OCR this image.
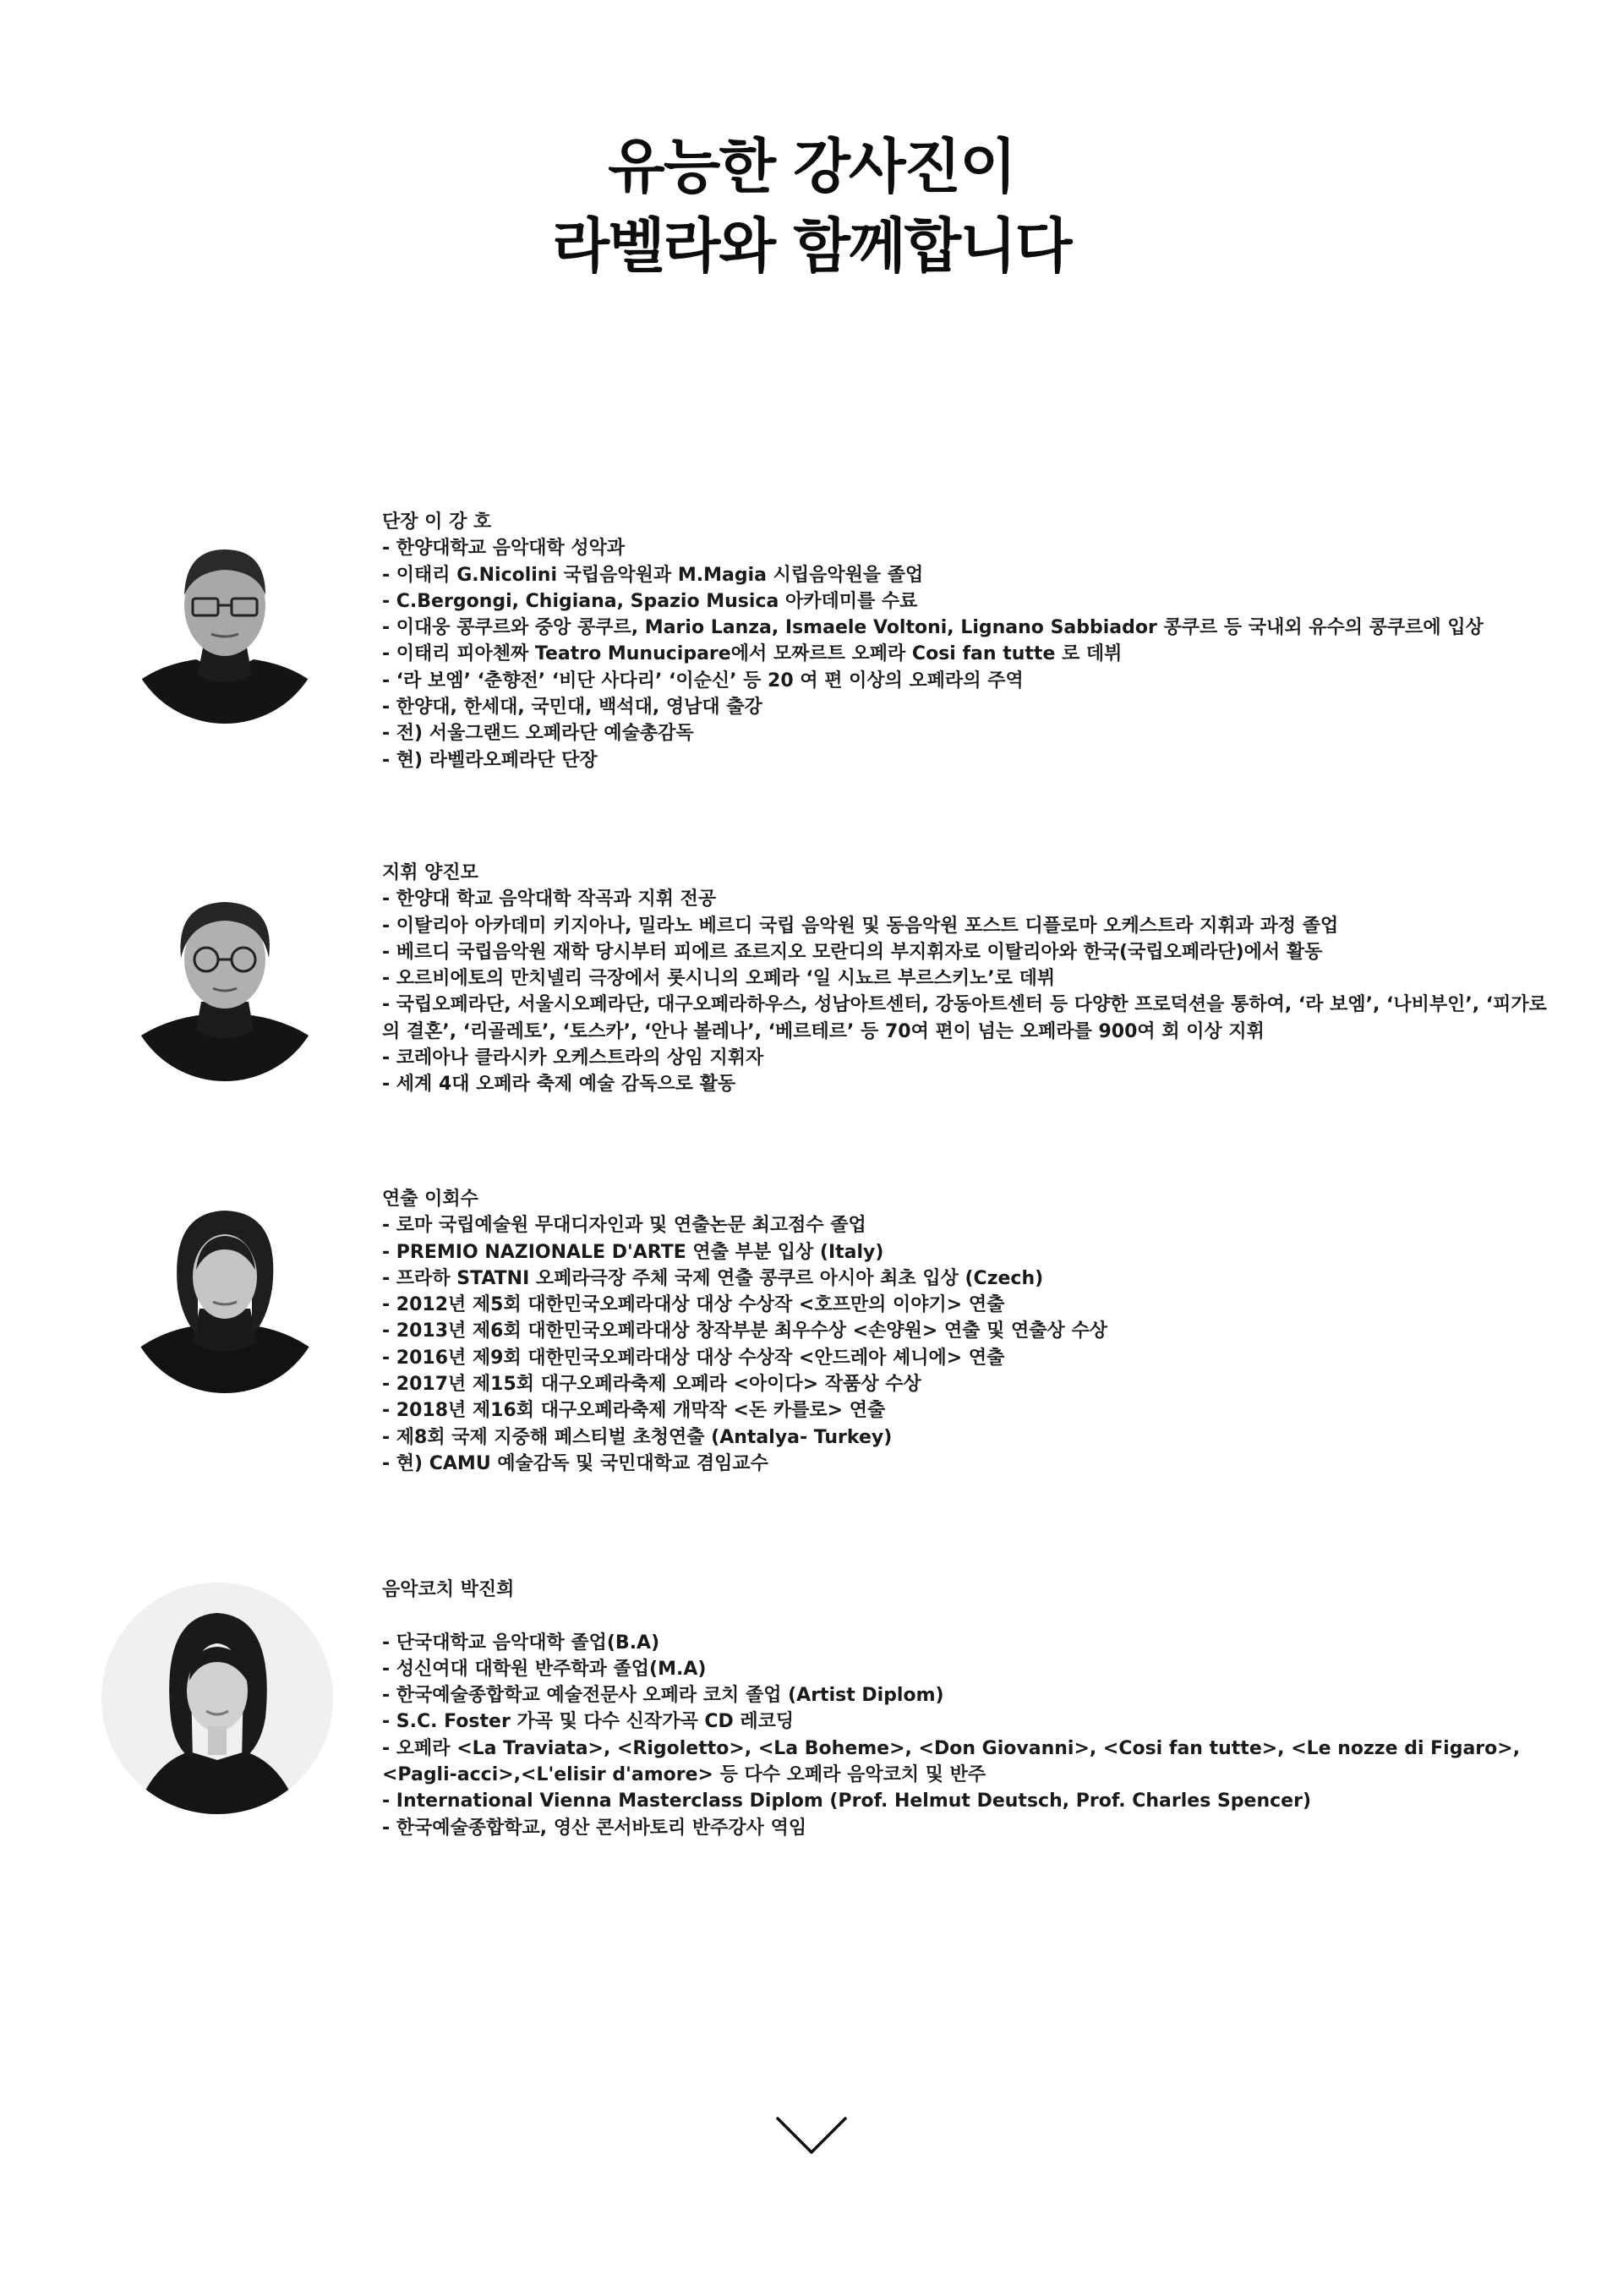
유능한 강사진이
라벨라와 함께합니다
단장 이 강 호
- 한양대학교 음악대학 성악과
- 이태리 G.Nicolini 국립음악원과 M.Magia 시립음악원을 졸업
- C.Bergongi, Chigiana, Spazio Musica 아카데미를 수료
- 이대웅 콩쿠르와 중앙 콩쿠르, Mario Lanza, Ismaele Voltoni, Lignano Sabbiador 콩쿠르 등 국내외 유수의 콩쿠르에 입상
- 이태리 피아첸짜 Teatro Munucipare에서 모짜르트 오페라 Cosi fan tutte 로 데뷔
- ‘라 보엠’ ‘춘향전’ ‘비단 사다리’ ‘이순신’ 등 20 여 편 이상의 오페라의 주역
- 한양대, 한세대, 국민대, 백석대, 영남대 출강
- 전) 서울그랜드 오페라단 예술총감독
- 현) 라벨라오페라단 단장
지휘 양진모
- 한양대 학교 음악대학 작곡과 지휘 전공
- 이탈리아 아카데미 키지아나, 밀라노 베르디 국립 음악원 및 동음악원 포스트 디플로마 오케스트라 지휘과 과정 졸업
- 베르디 국립음악원 재학 당시부터 피에르 죠르지오 모란디의 부지휘자로 이탈리아와 한국(국립오페라단)에서 활동
- 오르비에토의 만치넬리 극장에서 롯시니의 오페라 ‘일 시뇨르 부르스키노’로 데뷔
- 국립오페라단, 서울시오페라단, 대구오페라하우스, 성남아트센터, 강동아트센터 등 다양한 프로덕션을 통하여, ‘라 보엠’, ‘나비부인’, ‘피가로의 결혼’, ‘리골레토’, ‘토스카’, ‘안나 볼레나’, ‘베르테르’ 등 70여 편이 넘는 오페라를 900여 회 이상 지휘
- 코레아나 클라시카 오케스트라의 상임 지휘자
- 세계 4대 오페라 축제 예술 감독으로 활동
연출 이회수
- 로마 국립예술원 무대디자인과 및 연출논문 최고점수 졸업
- PREMIO NAZIONALE D'ARTE 연출 부분 입상 (Italy)
- 프라하 STATNI 오페라극장 주체 국제 연출 콩쿠르 아시아 최초 입상 (Czech)
- 2012년 제5회 대한민국오페라대상 대상 수상작 <호프만의 이야기> 연출
- 2013년 제6회 대한민국오페라대상 창작부분 최우수상 <손양원> 연출 및 연출상 수상
- 2016년 제9회 대한민국오페라대상 대상 수상작 <안드레아 셰니에> 연출
- 2017년 제15회 대구오페라축제 오페라 <아이다> 작품상 수상
- 2018년 제16회 대구오페라축제 개막작 <돈 카를로> 연출
- 제8회 국제 지중해 페스티벌 초청연출 (Antalya- Turkey)
- 현) CAMU 예술감독 및 국민대학교 겸임교수
음악코치 박진희
- 단국대학교 음악대학 졸업(B.A)
- 성신여대 대학원 반주학과 졸업(M.A)
- 한국예술종합학교 예술전문사 오페라 코치 졸업 (Artist Diplom)
- S.C. Foster 가곡 및 다수 신작가곡 CD 레코딩
- 오페라 <La Traviata>, <Rigoletto>, <La Boheme>, <Don Giovanni>, <Cosi fan tutte>, <Le nozze di Figaro>,<Pagli-acci>,<L'elisir d'amore> 등 다수 오페라 음악코치 및 반주
- International Vienna Masterclass Diplom (Prof. Helmut Deutsch, Prof. Charles Spencer)
- 한국예술종합학교, 영산 콘서바토리 반주강사 역임
